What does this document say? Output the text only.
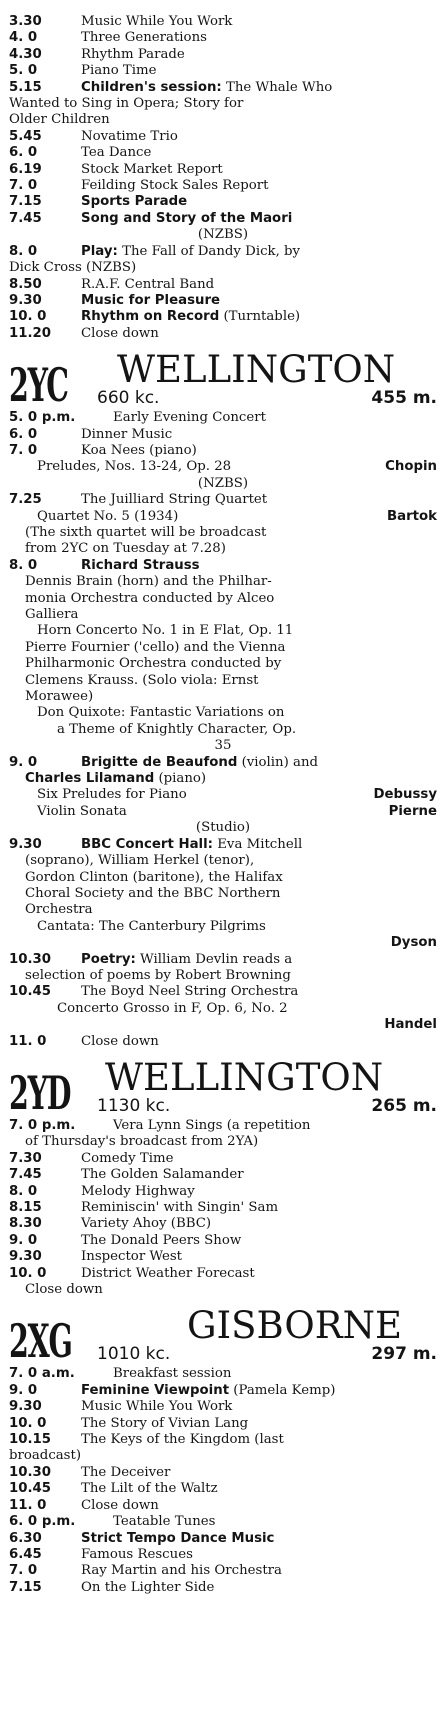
3.30	Music While You Work
4. 0	Three Generations
4.30	Rhythm Parade
5. 0	Piano Time
5.15	Children's session: The Whale Who
Wanted to Sing in Opera; Story for
Older Children
5.45	Novatime Trio
6. 0	Tea Dance
6.19	Stock Market Report
7. 0	Feilding Stock Sales Report
7.15	Sports Parade
7.45	Song and Story of the Maori
(NZBS)
8. 0	Play: The Fall of Dandy Dick, by
Dick Cross (NZBS)
8.50	R.A.F. Central Band
9.30	Music for Pleasure
10. 0	Rhythm on Record (Turntable)
11.20 Close down
2YC 660 kc.
WELLINGTON
455 m.
5. 0 p.m.	Early Evening Concert
6. 0	Dinner Music
7. 0	Koa Nees (piano)
Preludes, Nos. 13-24, Op. 28	Chopin
(NZBS)
7.25	The Juilliard String Quartet
Quartet No. 5 (1934)	Bartok
(The sixth quartet will be broadcast
from 2YC on Tuesday at 7.28)
8. 0	Richard Strauss
Dennis Brain (horn) and the Philhar-
monia Orchestra conducted by Alceo
Galliera
Horn Concerto No. 1 in E Flat, Op. 11
Pierre Fournier ('cello) and the Vienna
Philharmonic Orchestra conducted by
Clemens Krauss. (Solo viola: Ernst
Morawee)
Don Quixote: Fantastic Variations on
a Theme of Knightly Character, Op.
35
9. 0	Brigitte de Beaufond (violin) and
Charles Lilamand (piano)
Six Preludes for Piano	Debussy
Violin Sonata	Pierne
(Studio)
9.30	BBC Concert Hall: Eva Mitchell
(soprano), William Herkel (tenor),
Gordon Clinton (baritone), the Halifax
Choral Society and the BBC Northern
Orchestra
Cantata: The Canterbury Pilgrims
Dyson
10.30 Poetry: William Devlin reads a
selection of poems by Robert Browning
10.45 The Boyd Neel String Orchestra
Concerto Grosso in F, Op. 6, No. 2
Handel
11. 0	Close down
2YD 1130 kc.
WELLINGTON
265 m.
7. 0 p.m.	Vera Lynn Sings (a repetition
of Thursday's broadcast from 2YA)
7.30	Comedy Time
7.45	The Golden Salamander
8. 0	Melody Highway
8.15	Reminiscin' with Singin' Sam
8.30	Variety Ahoy (BBC)
9. 0	The Donald Peers Show
9.30	Inspector West
10. 0	District Weather Forecast
Close down
2XG 1010 kc.
GISBORNE
297 m.
7. 0 a.m.	Breakfast session
9. 0	Feminine Viewpoint (Pamela Kemp)
9.30	Music While You Work
10. 0	The Story of Vivian Lang
10.15 The Keys of the Kingdom (last
broadcast)
10.30 The Deceiver
10.45 The Lilt of the Waltz
11. 0	Close down
6. 0 p.m.	Teatable Tunes
6.30	Strict Tempo Dance Music
6.45	Famous Rescues
7. 0	Ray Martin and his Orchestra
7.15	On the Lighter Side
